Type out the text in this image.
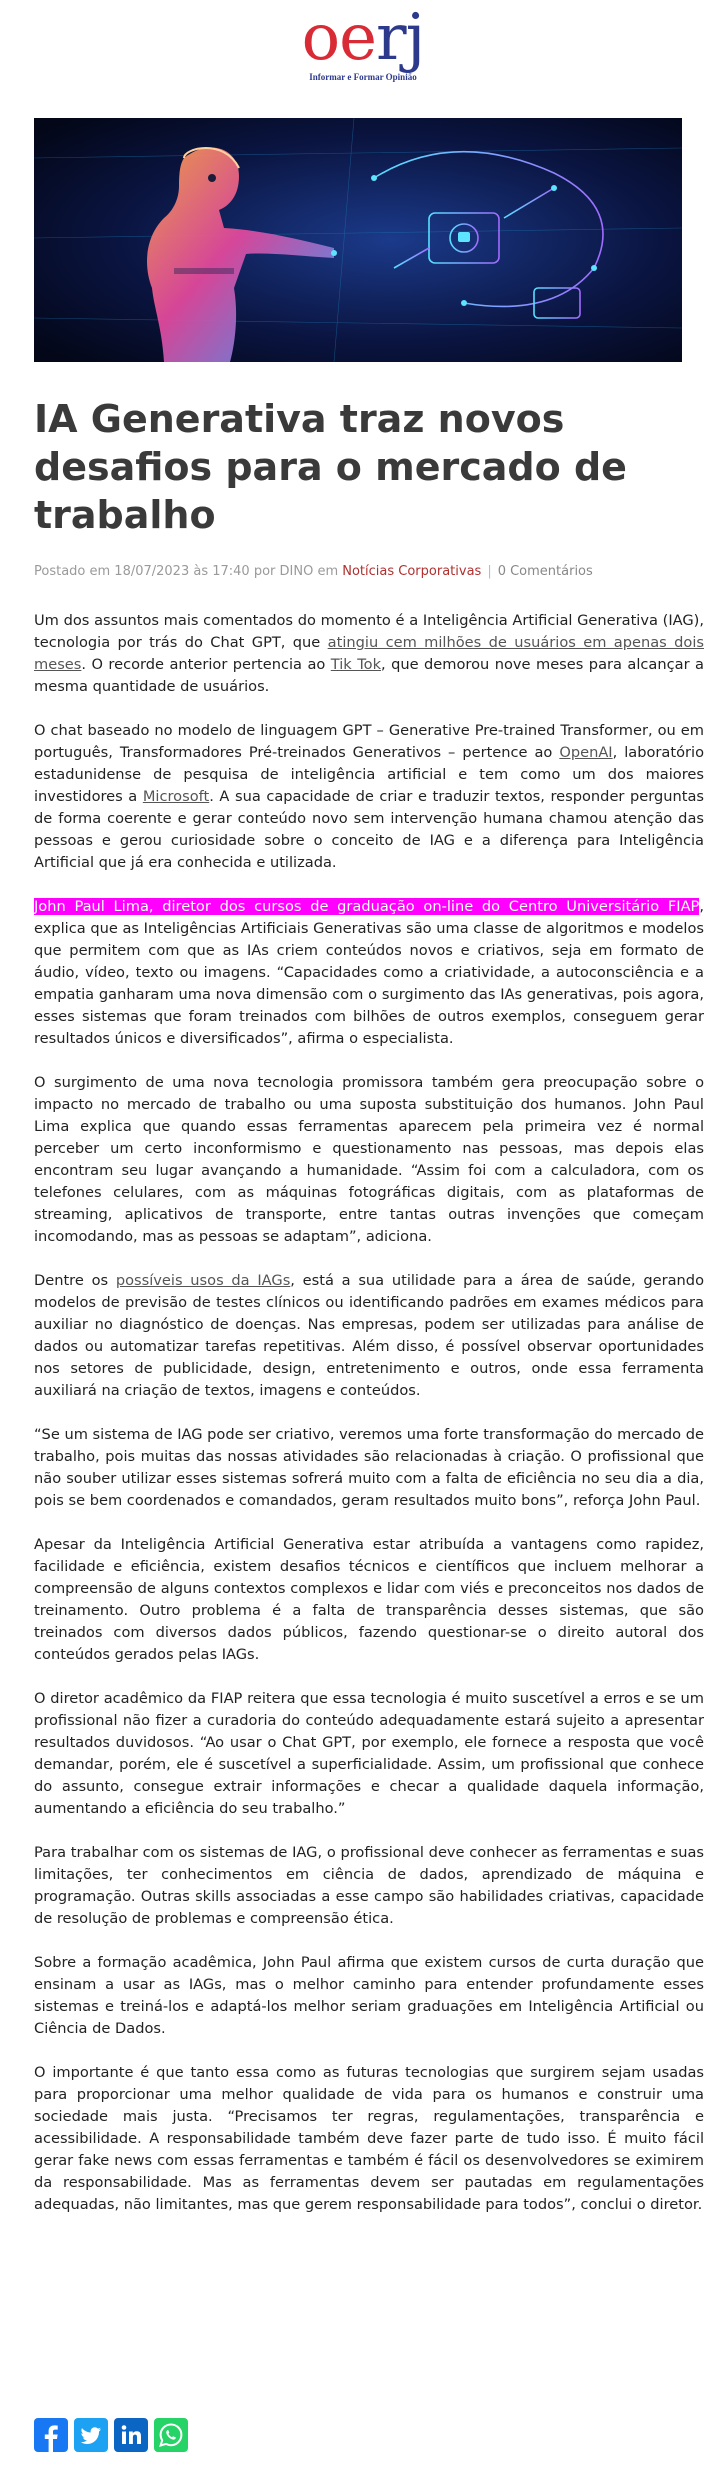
oerj
Informar e Formar Opinião
IA Generativa traz novos desafios para o mercado de trabalho
Postado em 18/07/2023 às 17:40 por DINO em Notícias Corporativas | 0 Comentários

Um dos assuntos mais comentados do momento é a Inteligência Artificial Generativa (IAG), tecnologia por trás do Chat GPT, que atingiu cem milhões de usuários em apenas dois meses. O recorde anterior pertencia ao Tik Tok, que demorou nove meses para alcançar a mesma quantidade de usuários.

O chat baseado no modelo de linguagem GPT – Generative Pre-trained Transformer, ou em português, Transformadores Pré-treinados Generativos – pertence ao OpenAI, laboratório estadunidense de pesquisa de inteligência artificial e tem como um dos maiores investidores a Microsoft. A sua capacidade de criar e traduzir textos, responder perguntas de forma coerente e gerar conteúdo novo sem intervenção humana chamou atenção das pessoas e gerou curiosidade sobre o conceito de IAG e a diferença para Inteligência Artificial que já era conhecida e utilizada.

John Paul Lima, diretor dos cursos de graduação on-line do Centro Universitário FIAP, explica que as Inteligências Artificiais Generativas são uma classe de algoritmos e modelos que permitem com que as IAs criem conteúdos novos e criativos, seja em formato de áudio, vídeo, texto ou imagens. “Capacidades como a criatividade, a autoconsciência e a empatia ganharam uma nova dimensão com o surgimento das IAs generativas, pois agora, esses sistemas que foram treinados com bilhões de outros exemplos, conseguem gerar resultados únicos e diversificados”, afirma o especialista.

O surgimento de uma nova tecnologia promissora também gera preocupação sobre o impacto no mercado de trabalho ou uma suposta substituição dos humanos. John Paul Lima explica que quando essas ferramentas aparecem pela primeira vez é normal perceber um certo inconformismo e questionamento nas pessoas, mas depois elas encontram seu lugar avançando a humanidade. “Assim foi com a calculadora, com os telefones celulares, com as máquinas fotográficas digitais, com as plataformas de streaming, aplicativos de transporte, entre tantas outras invenções que começam incomodando, mas as pessoas se adaptam”, adiciona.

Dentre os possíveis usos da IAGs, está a sua utilidade para a área de saúde, gerando modelos de previsão de testes clínicos ou identificando padrões em exames médicos para auxiliar no diagnóstico de doenças. Nas empresas, podem ser utilizadas para análise de dados ou automatizar tarefas repetitivas. Além disso, é possível observar oportunidades nos setores de publicidade, design, entretenimento e outros, onde essa ferramenta auxiliará na criação de textos, imagens e conteúdos.

“Se um sistema de IAG pode ser criativo, veremos uma forte transformação do mercado de trabalho, pois muitas das nossas atividades são relacionadas à criação. O profissional que não souber utilizar esses sistemas sofrerá muito com a falta de eficiência no seu dia a dia, pois se bem coordenados e comandados, geram resultados muito bons”, reforça John Paul.

Apesar da Inteligência Artificial Generativa estar atribuída a vantagens como rapidez, facilidade e eficiência, existem desafios técnicos e científicos que incluem melhorar a compreensão de alguns contextos complexos e lidar com viés e preconceitos nos dados de treinamento. Outro problema é a falta de transparência desses sistemas, que são treinados com diversos dados públicos, fazendo questionar-se o direito autoral dos conteúdos gerados pelas IAGs.

O diretor acadêmico da FIAP reitera que essa tecnologia é muito suscetível a erros e se um profissional não fizer a curadoria do conteúdo adequadamente estará sujeito a apresentar resultados duvidosos. “Ao usar o Chat GPT, por exemplo, ele fornece a resposta que você demandar, porém, ele é suscetível a superficialidade. Assim, um profissional que conhece do assunto, consegue extrair informações e checar a qualidade daquela informação, aumentando a eficiência do seu trabalho.”

Para trabalhar com os sistemas de IAG, o profissional deve conhecer as ferramentas e suas limitações, ter conhecimentos em ciência de dados, aprendizado de máquina e programação. Outras skills associadas a esse campo são habilidades criativas, capacidade de resolução de problemas e compreensão ética.

Sobre a formação acadêmica, John Paul afirma que existem cursos de curta duração que ensinam a usar as IAGs, mas o melhor caminho para entender profundamente esses sistemas e treiná-los e adaptá-los melhor seriam graduações em Inteligência Artificial ou Ciência de Dados.

O importante é que tanto essa como as futuras tecnologias que surgirem sejam usadas para proporcionar uma melhor qualidade de vida para os humanos e construir uma sociedade mais justa. “Precisamos ter regras, regulamentações, transparência e acessibilidade. A responsabilidade também deve fazer parte de tudo isso. É muito fácil gerar fake news com essas ferramentas e também é fácil os desenvolvedores se eximirem da responsabilidade. Mas as ferramentas devem ser pautadas em regulamentações adequadas, não limitantes, mas que gerem responsabilidade para todos”, conclui o diretor.
